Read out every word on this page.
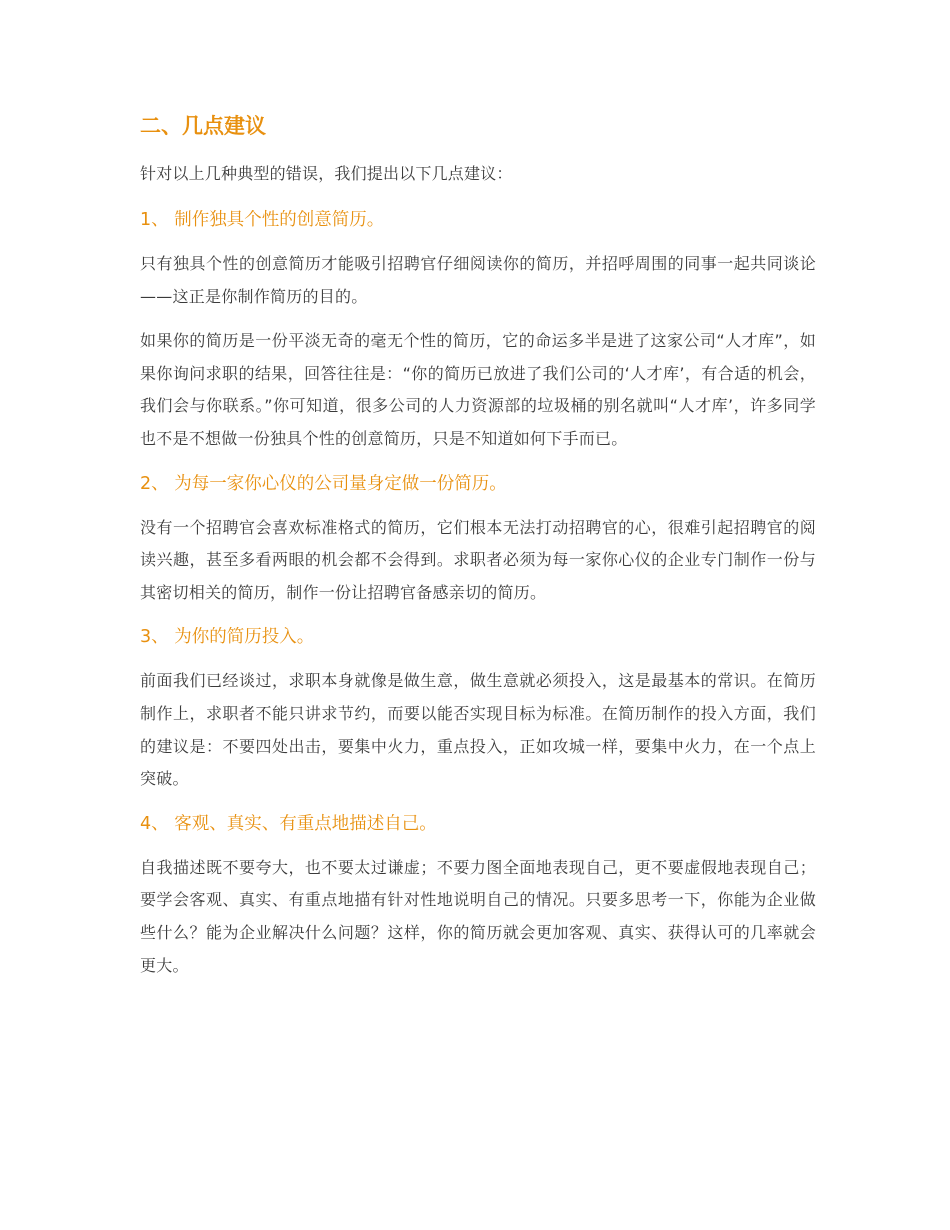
二、几点建议
针对以上几种典型的错误，我们提出以下几点建议：
1、 制作独具个性的创意简历。
只有独具个性的创意简历才能吸引招聘官仔细阅读你的简历，并招呼周围的同事一起共同谈论——这正是你制作简历的目的。
如果你的简历是一份平淡无奇的毫无个性的简历，它的命运多半是进了这家公司“人才库”，如果你询问求职的结果，回答往往是：“你的简历已放进了我们公司的‘人才库’，有合适的机会，我们会与你联系。”你可知道，很多公司的人力资源部的垃圾桶的别名就叫“人才库’，许多同学也不是不想做一份独具个性的创意简历，只是不知道如何下手而已。
2、 为每一家你心仪的公司量身定做一份简历。
没有一个招聘官会喜欢标准格式的简历，它们根本无法打动招聘官的心，很难引起招聘官的阅读兴趣，甚至多看两眼的机会都不会得到。求职者必须为每一家你心仪的企业专门制作一份与其密切相关的简历，制作一份让招聘官备感亲切的简历。
3、 为你的简历投入。
前面我们已经谈过，求职本身就像是做生意，做生意就必须投入，这是最基本的常识。在简历制作上，求职者不能只讲求节约，而要以能否实现目标为标准。在简历制作的投入方面，我们的建议是：不要四处出击，要集中火力，重点投入，正如攻城一样，要集中火力，在一个点上突破。
4、 客观、真实、有重点地描述自己。
自我描述既不要夸大，也不要太过谦虚；不要力图全面地表现自己，更不要虚假地表现自己；要学会客观、真实、有重点地描有针对性地说明自己的情况。只要多思考一下，你能为企业做些什么？能为企业解决什么问题？这样，你的简历就会更加客观、真实、获得认可的几率就会更大。
